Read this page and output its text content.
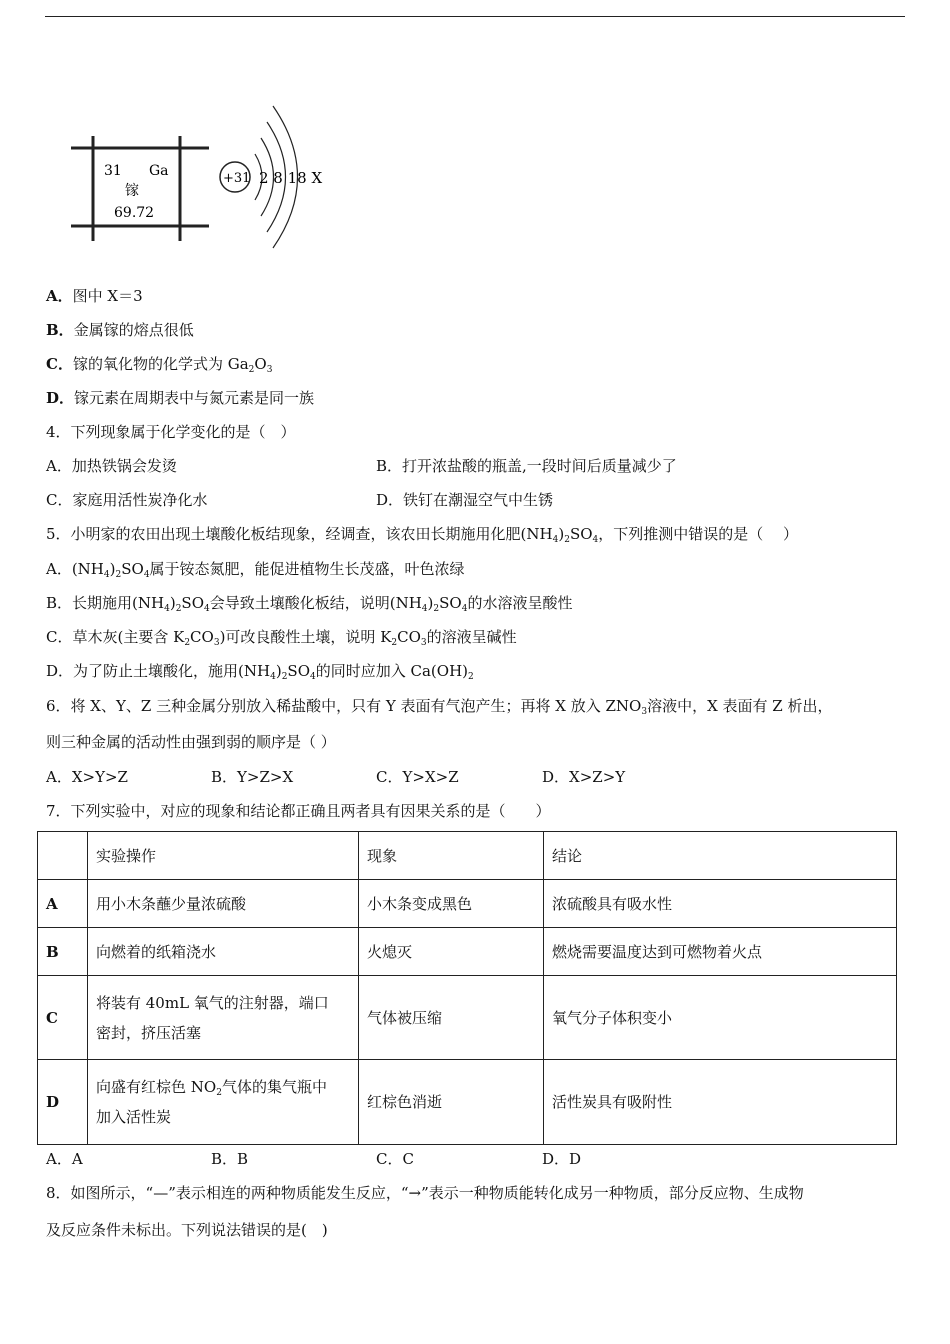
31 Ga
镓
69.72
+31 2 8 18 X
A．图中 X＝3
B．金属镓的熔点很低
C．镓的氧化物的化学式为 $Ga_2O_3$
D．镓元素在周期表中与氮元素是同一族
4．下列现象属于化学变化的是（　）
A．加热铁锅会发烫	B．打开浓盐酸的瓶盖,一段时间后质量减少了
C．家庭用活性炭净化水	D．铁钉在潮湿空气中生锈
5．小明家的农田出现土壤酸化板结现象，经调查，该农田长期施用化肥$(NH_4)_2SO_4$，下列推测中错误的是（　 ）
A．$(NH_4)_2SO_4$属于铵态氮肥，能促进植物生长茂盛，叶色浓绿
B．长期施用$(NH_4)_2SO_4$会导致土壤酸化板结，说明$(NH_4)_2SO_4$的水溶液呈酸性
C．草木灰(主要含 $K_2CO_3$)可改良酸性土壤，说明 $K_2CO_3$的溶液呈碱性
D．为了防止土壤酸化，施用$(NH_4)_2SO_4$的同时应加入 $Ca(OH)_2$
6．将 X、Y、Z 三种金属分别放入稀盐酸中，只有 Y 表面有气泡产生；再将 X 放入 $ZNO_3$溶液中，X 表面有 Z 析出，
则三种金属的活动性由强到弱的顺序是（ ）
A．X>Y>Z	B．Y>Z>X	C．Y>X>Z	D．X>Z>Y
7．下列实验中，对应的现象和结论都正确且两者具有因果关系的是（　　）
	实验操作	现象	结论
A	用小木条蘸少量浓硫酸	小木条变成黑色	浓硫酸具有吸水性
B	向燃着的纸箱浇水	火熄灭	燃烧需要温度达到可燃物着火点
C	将装有 40mL 氧气的注射器，端口
密封，挤压活塞	气体被压缩	氧气分子体积变小
D	向盛有红棕色 $NO_2$气体的集气瓶中
加入活性炭	红棕色消逝	活性炭具有吸附性
A．A	B．B	C．C	D．D
8．如图所示，“—”表示相连的两种物质能发生反应，“→”表示一种物质能转化成另一种物质，部分反应物、生成物
及反应条件未标出。下列说法错误的是(　)
